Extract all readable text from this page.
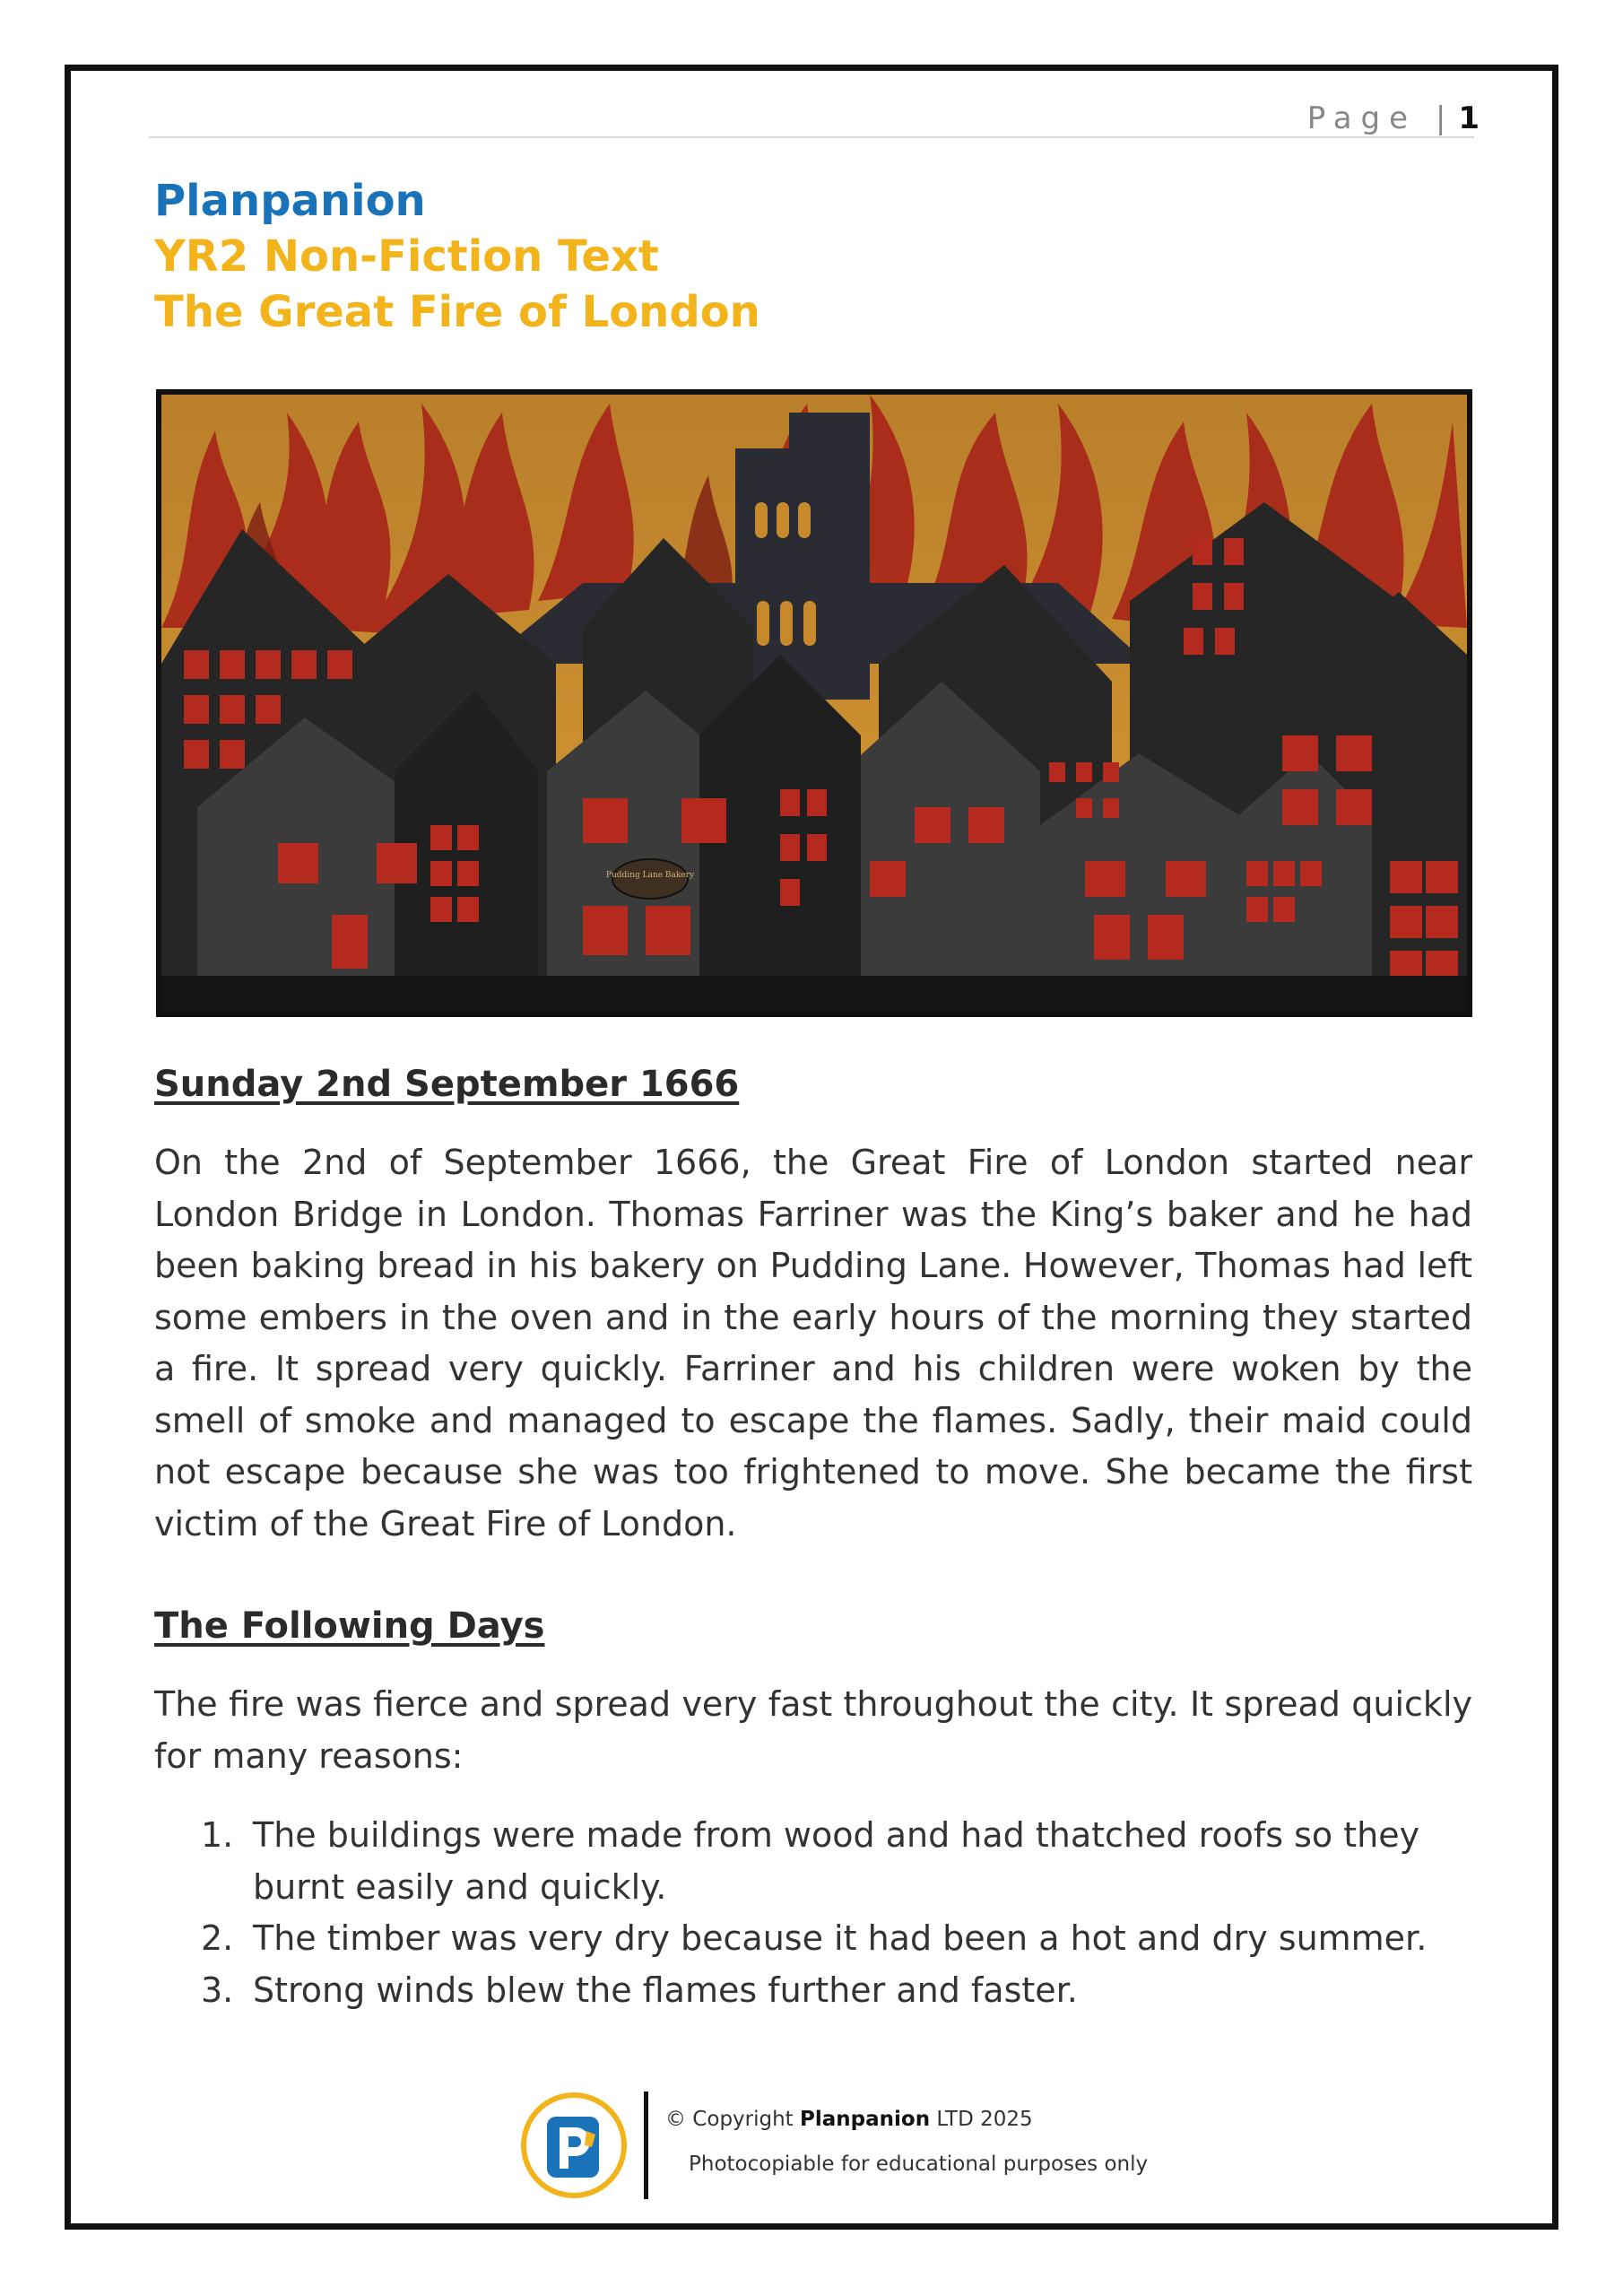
Page | 1
Planpanion
YR2 Non-Fiction Text
The Great Fire of London
Pudding Lane Bakery
Sunday 2nd September 1666
On the 2nd of September 1666, the Great Fire of London started near London Bridge in London. Thomas Farriner was the King’s baker and he had been baking bread in his bakery on Pudding Lane. However, Thomas had left some embers in the oven and in the early hours of the morning they started a fire. It spread very quickly. Farriner and his children were woken by the smell of smoke and managed to escape the flames. Sadly, their maid could not escape because she was too frightened to move. She became the first victim of the Great Fire of London.
The Following Days
The fire was fierce and spread very fast throughout the city. It spread quickly for many reasons:
1. The buildings were made from wood and had thatched roofs so they burnt easily and quickly.
2. The timber was very dry because it had been a hot and dry summer.
3. Strong winds blew the flames further and faster.
© Copyright Planpanion LTD 2025
Photocopiable for educational purposes only
